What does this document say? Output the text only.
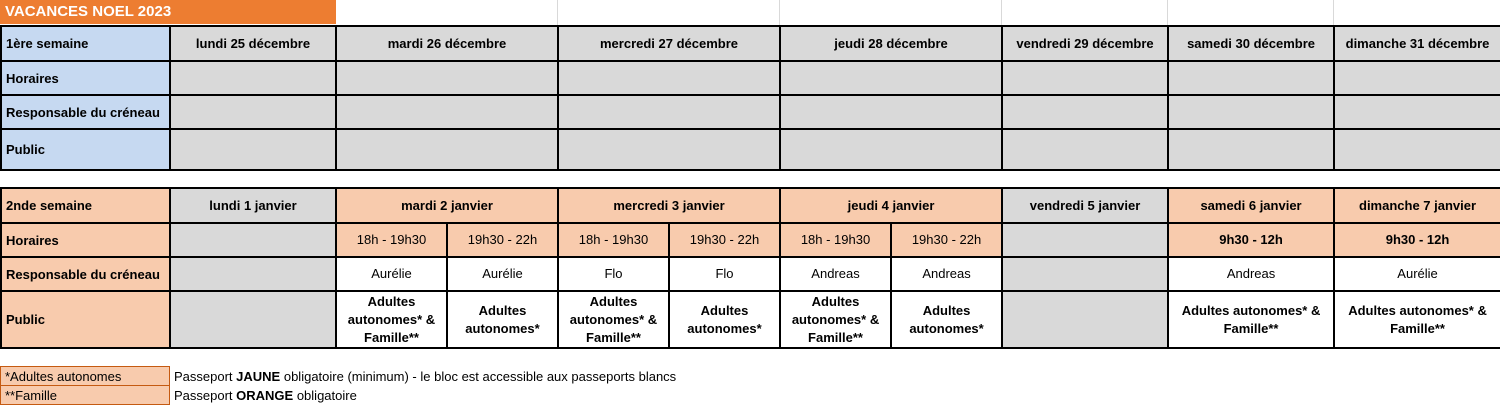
VACANCES NOEL 2023
1ère semaine	lundi 25 décembre	mardi 26 décembre	mercredi 27 décembre	jeudi 28 décembre	vendredi 29 décembre	samedi 30 décembre	dimanche 31 décembre
Horaires							
Responsable du créneau							
Public							
2nde semaine	lundi 1 janvier	mardi 2 janvier		mercredi 3 janvier		jeudi 4 janvier		vendredi 5 janvier	samedi 6 janvier	dimanche 7 janvier
Horaires		18h - 19h30	19h30 - 22h	18h - 19h30	19h30 - 22h	18h - 19h30	19h30 - 22h		9h30 - 12h	9h30 - 12h
Responsable du créneau		Aurélie	Aurélie	Flo	Flo	Andreas	Andreas		Andreas	Aurélie
Public		Adultes autonomes* & Famille**	Adultes autonomes*	Adultes autonomes* & Famille**	Adultes autonomes*	Adultes autonomes* & Famille**	Adultes autonomes*		Adultes autonomes* & Famille**	Adultes autonomes* & Famille**
*Adultes autonomes	Passeport JAUNE obligatoire (minimum) - le bloc est accessible aux passeports blancs
**Famille	Passeport ORANGE obligatoire
